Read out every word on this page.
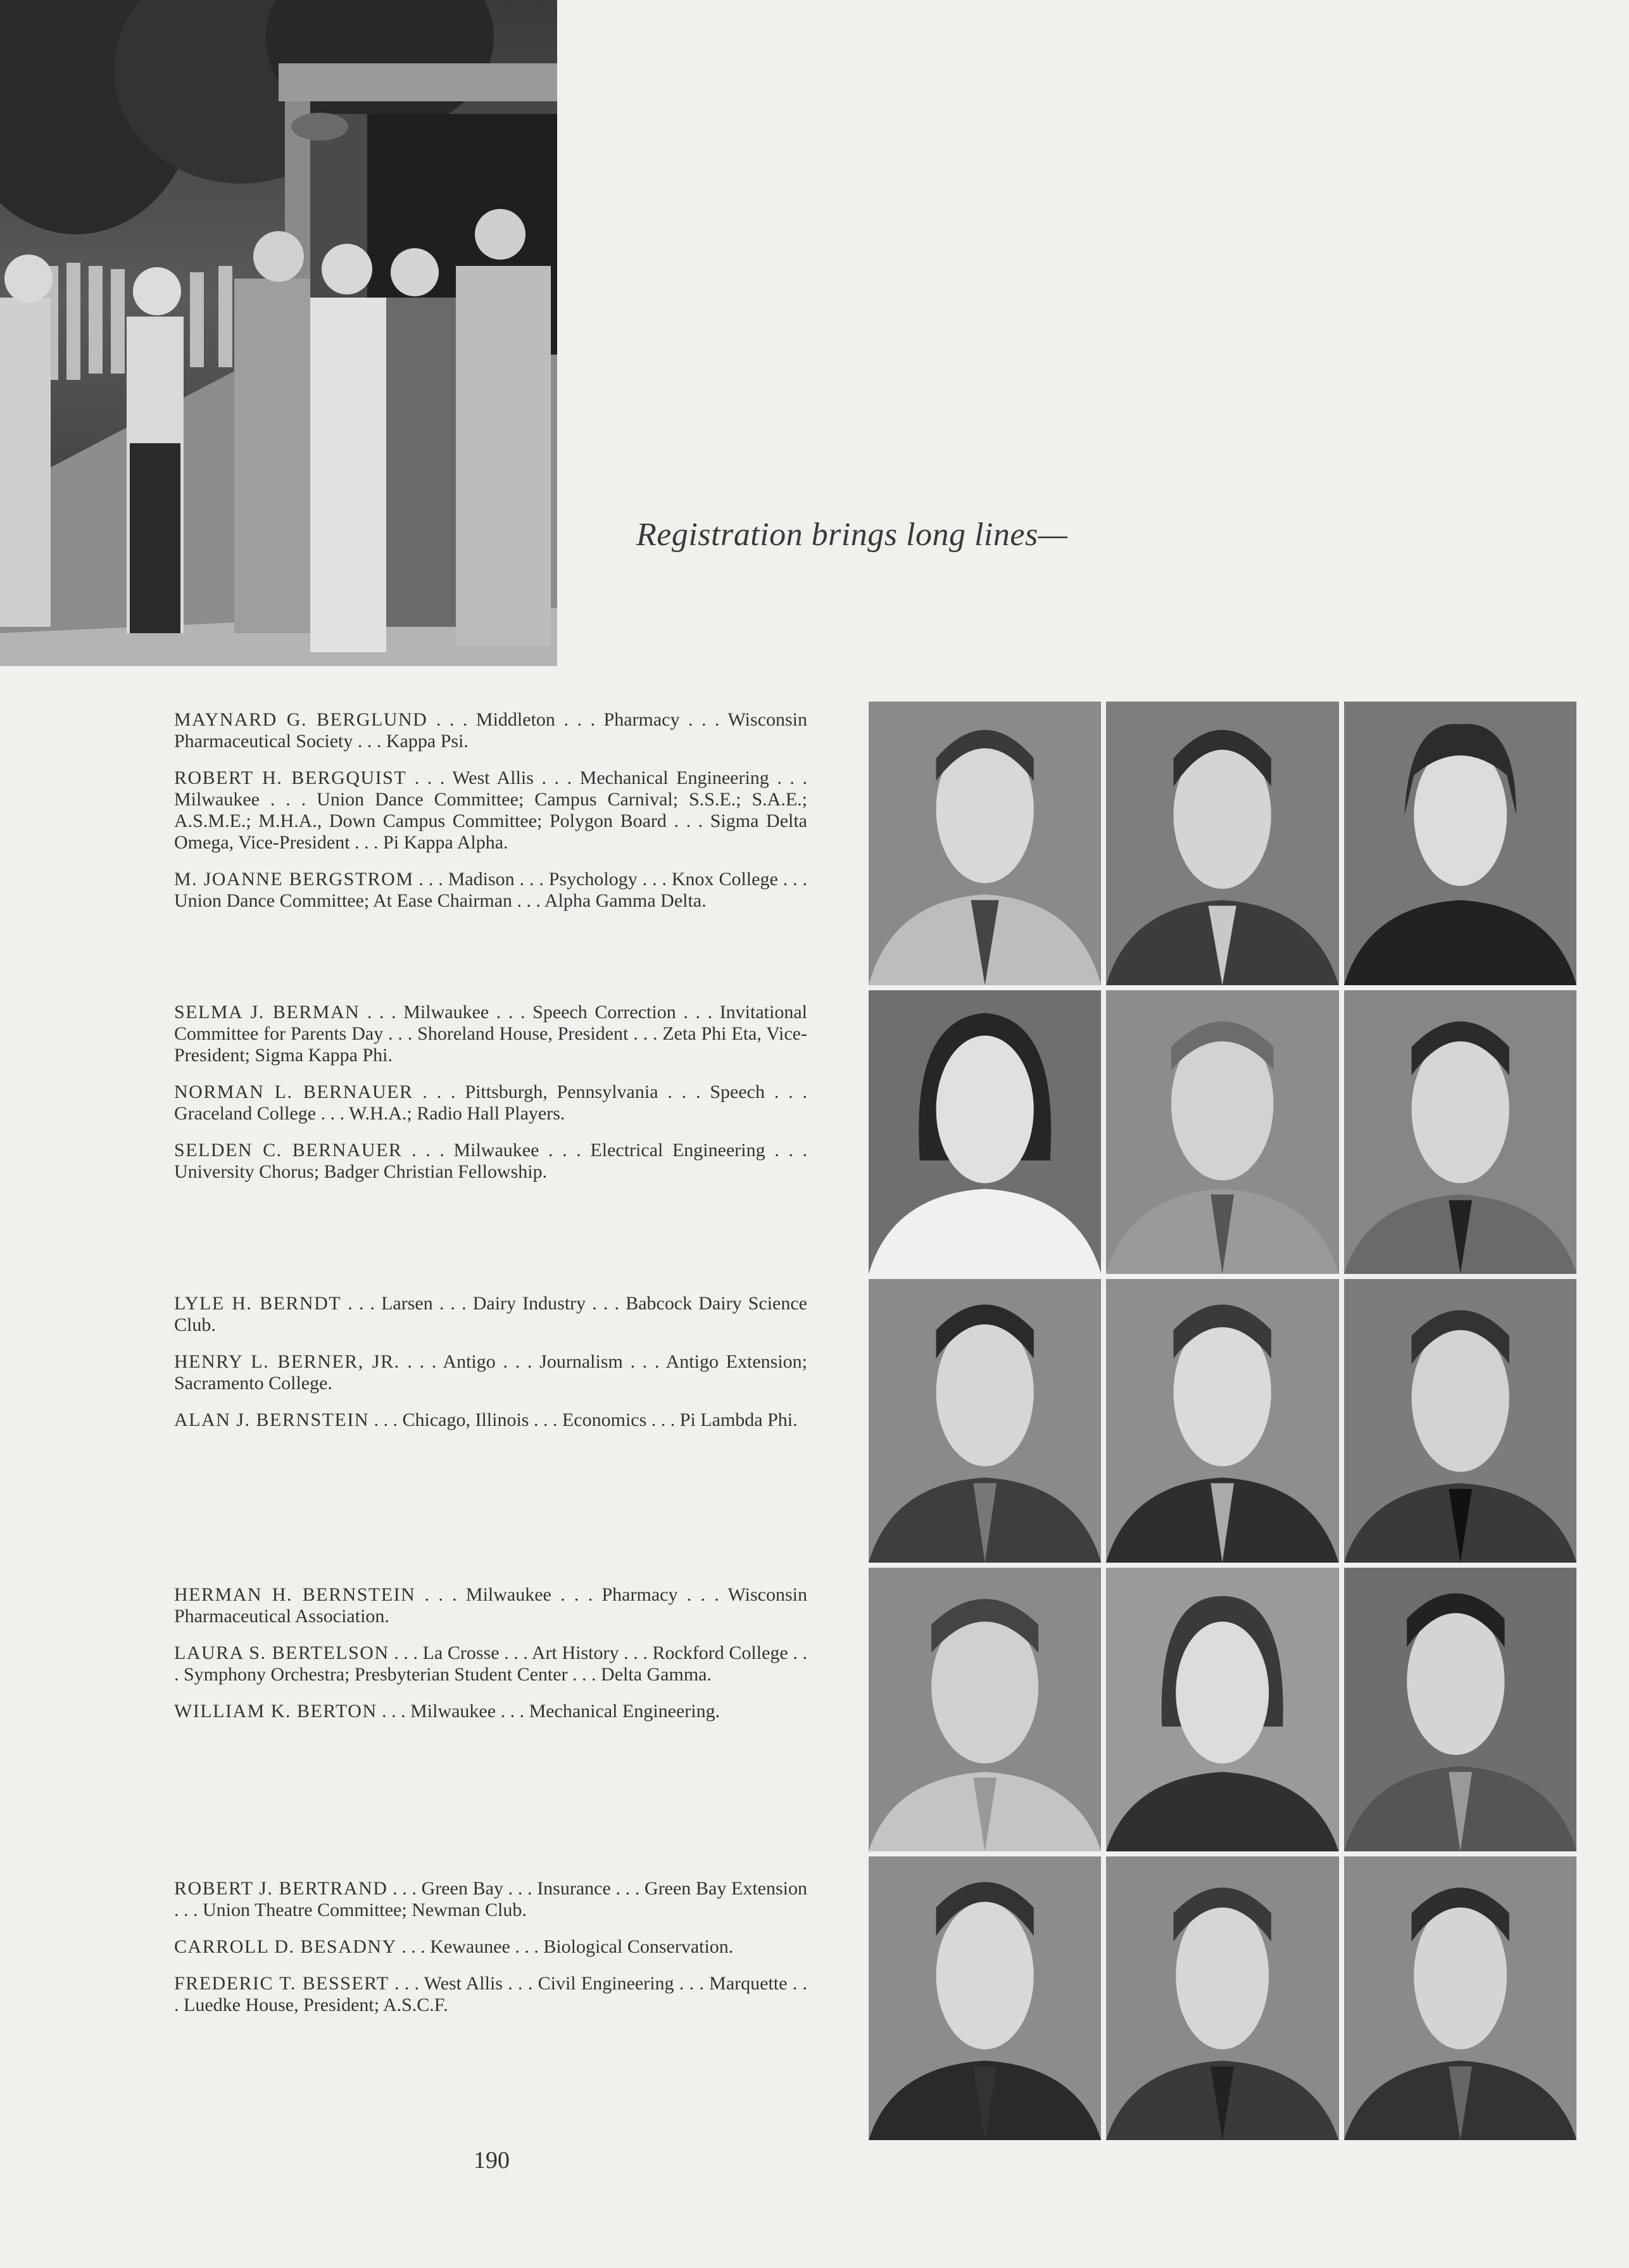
Registration brings long lines—

MAYNARD G. BERGLUND . . . Middleton . . . Pharmacy . . . Wisconsin Pharmaceutical Society . . . Kappa Psi.

ROBERT H. BERGQUIST . . . West Allis . . . Mechanical Engineering . . . Milwaukee . . . Union Dance Committee; Campus Carnival; S.S.E.; S.A.E.; A.S.M.E.; M.H.A., Down Campus Committee; Polygon Board . . . Sigma Delta Omega, Vice-President . . . Pi Kappa Alpha.

M. JOANNE BERGSTROM . . . Madison . . . Psychology . . . Knox College . . . Union Dance Committee; At Ease Chairman . . . Alpha Gamma Delta.

SELMA J. BERMAN . . . Milwaukee . . . Speech Correction . . . Invitational Committee for Parents Day . . . Shoreland House, President . . . Zeta Phi Eta, Vice-President; Sigma Kappa Phi.

NORMAN L. BERNAUER . . . Pittsburgh, Pennsylvania . . . Speech . . . Graceland College . . . W.H.A.; Radio Hall Players.

SELDEN C. BERNAUER . . . Milwaukee . . . Electrical Engineering . . . University Chorus; Badger Christian Fellowship.

LYLE H. BERNDT . . . Larsen . . . Dairy Industry . . . Babcock Dairy Science Club.

HENRY L. BERNER, JR. . . . Antigo . . . Journalism . . . Antigo Extension; Sacramento College.

ALAN J. BERNSTEIN . . . Chicago, Illinois . . . Economics . . . Pi Lambda Phi.

HERMAN H. BERNSTEIN . . . Milwaukee . . . Pharmacy . . . Wisconsin Pharmaceutical Association.

LAURA S. BERTELSON . . . La Crosse . . . Art History . . . Rockford College . . . Symphony Orchestra; Presbyterian Student Center . . . Delta Gamma.

WILLIAM K. BERTON . . . Milwaukee . . . Mechanical Engineering.

ROBERT J. BERTRAND . . . Green Bay . . . Insurance . . . Green Bay Extension . . . Union Theatre Committee; Newman Club.

CARROLL D. BESADNY . . . Kewaunee . . . Biological Conservation.

FREDERIC T. BESSERT . . . West Allis . . . Civil Engineering . . . Marquette . . . Luedke House, President; A.S.C.F.

190
